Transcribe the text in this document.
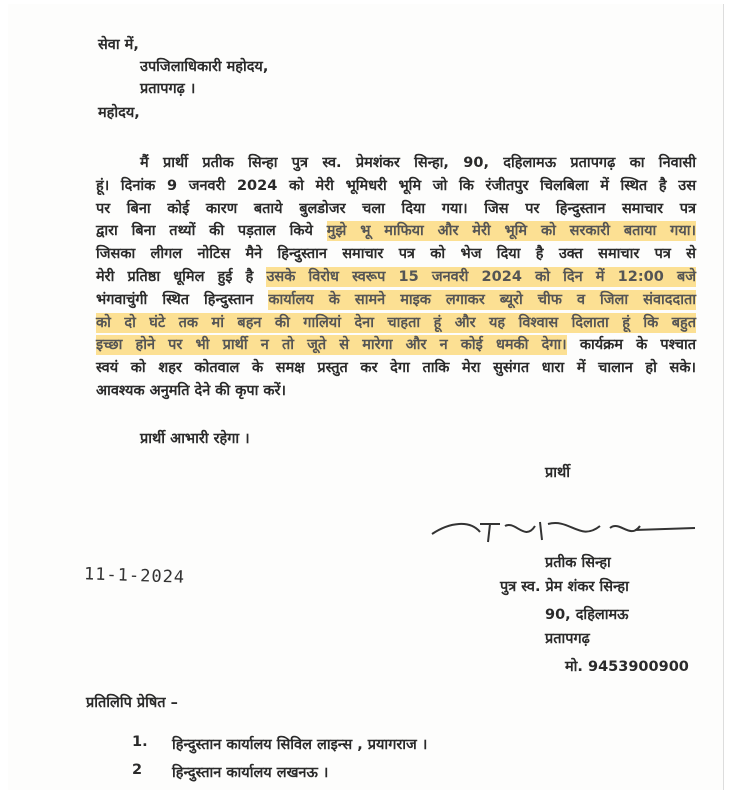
सेवा में,
उपजिलाधिकारी महोदय,
प्रतापगढ़ ।
महोदय,
मैं प्रार्थी प्रतीक सिन्हा पुत्र स्व. प्रेमशंकर सिन्हा, 90, दहिलामऊ प्रतापगढ़ का निवासी
हूं। दिनांक 9 जनवरी 2024 को मेरी भूमिधरी भूमि जो कि रंजीतपुर चिलबिला में स्थित है उस
पर बिना कोई कारण बताये बुलडोजर चला दिया गया। जिस पर हिन्दुस्तान समाचार पत्र
द्वारा बिना तथ्यों की पड़ताल किये मुझे भू माफिया और मेरी भूमि को सरकारी बताया गया।
जिसका लीगल नोटिस मैने हिन्दुस्तान समाचार पत्र को भेज दिया है उक्त समाचार पत्र से
मेरी प्रतिष्ठा धूमिल हुई है उसके विरोध स्वरूप 15 जनवरी 2024 को दिन में 12:00 बजे
भंगवाचुंगी स्थित हिन्दुस्तान कार्यालय के सामने माइक लगाकर ब्यूरो चीफ व जिला संवाददाता
को दो घंटे तक मां बहन की गालियां देना चाहता हूं और यह विश्वास दिलाता हूं कि बहुत
इच्छा होने पर भी प्रार्थी न तो जूते से मारेगा और न कोई धमकी देगा। कार्यक्रम के पश्चात
स्वयं को शहर कोतवाल के समक्ष प्रस्तुत कर देगा ताकि मेरा सुसंगत धारा में चालान हो सके।
आवश्यक अनुमति देने की कृपा करें।
प्रार्थी आभारी रहेगा ।
प्रार्थी
प्रतीक सिन्हा
पुत्र स्व. प्रेम शंकर सिन्हा
90, दहिलामऊ
प्रतापगढ़
मो. 9453900900
11-1-2024
प्रतिलिपि प्रेषित –
1. हिन्दुस्तान कार्यालय सिविल लाइन्स , प्रयागराज ।
2 हिन्दुस्तान कार्यालय लखनऊ ।
